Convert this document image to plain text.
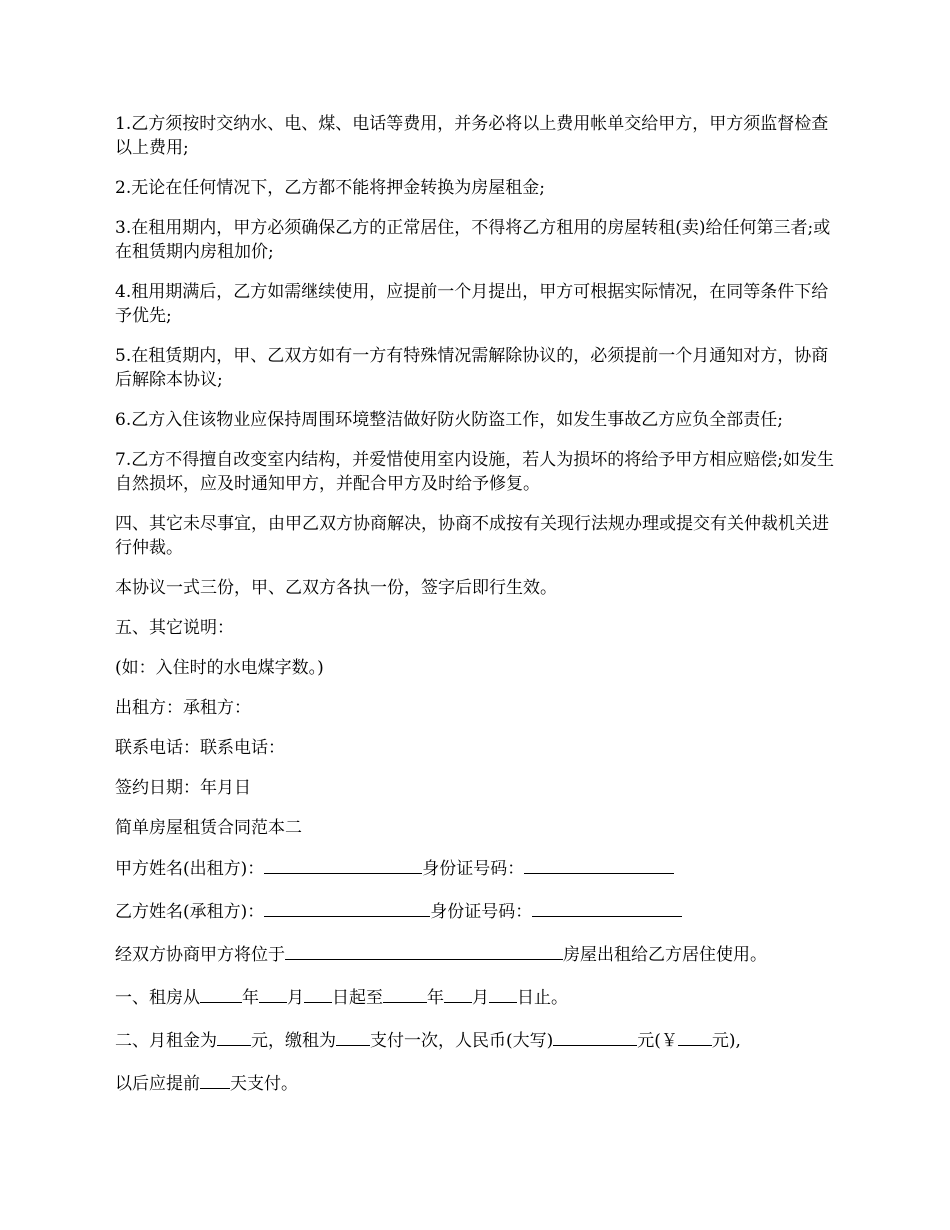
1.乙方须按时交纳水、电、煤、电话等费用，并务必将以上费用帐单交给甲方，甲方须监督检查以上费用;

2.无论在任何情况下，乙方都不能将押金转换为房屋租金;

3.在租用期内，甲方必须确保乙方的正常居住，不得将乙方租用的房屋转租(卖)给任何第三者;或在租赁期内房租加价;

4.租用期满后，乙方如需继续使用，应提前一个月提出，甲方可根据实际情况，在同等条件下给予优先;

5.在租赁期内，甲、乙双方如有一方有特殊情况需解除协议的，必须提前一个月通知对方，协商后解除本协议;

6.乙方入住该物业应保持周围环境整洁做好防火防盗工作，如发生事故乙方应负全部责任;

7.乙方不得擅自改变室内结构，并爱惜使用室内设施，若人为损坏的将给予甲方相应赔偿;如发生自然损坏，应及时通知甲方，并配合甲方及时给予修复。

四、其它未尽事宜，由甲乙双方协商解决，协商不成按有关现行法规办理或提交有关仲裁机关进行仲裁。

本协议一式三份，甲、乙双方各执一份，签字后即行生效。

五、其它说明：

(如：入住时的水电煤字数。)

出租方：承租方：

联系电话：联系电话：

签约日期：年月日

简单房屋租赁合同范本二

甲方姓名(出租方)：	身份证号码：

乙方姓名(承租方)：	身份证号码：

经双方协商甲方将位于	房屋出租给乙方居住使用。

一、租房从 年 月 日起至	年 月 日止。

二、月租金为 元，缴租为 支付一次，人民币(大写)	元(￥ 元),

以后应提前 天支付。
